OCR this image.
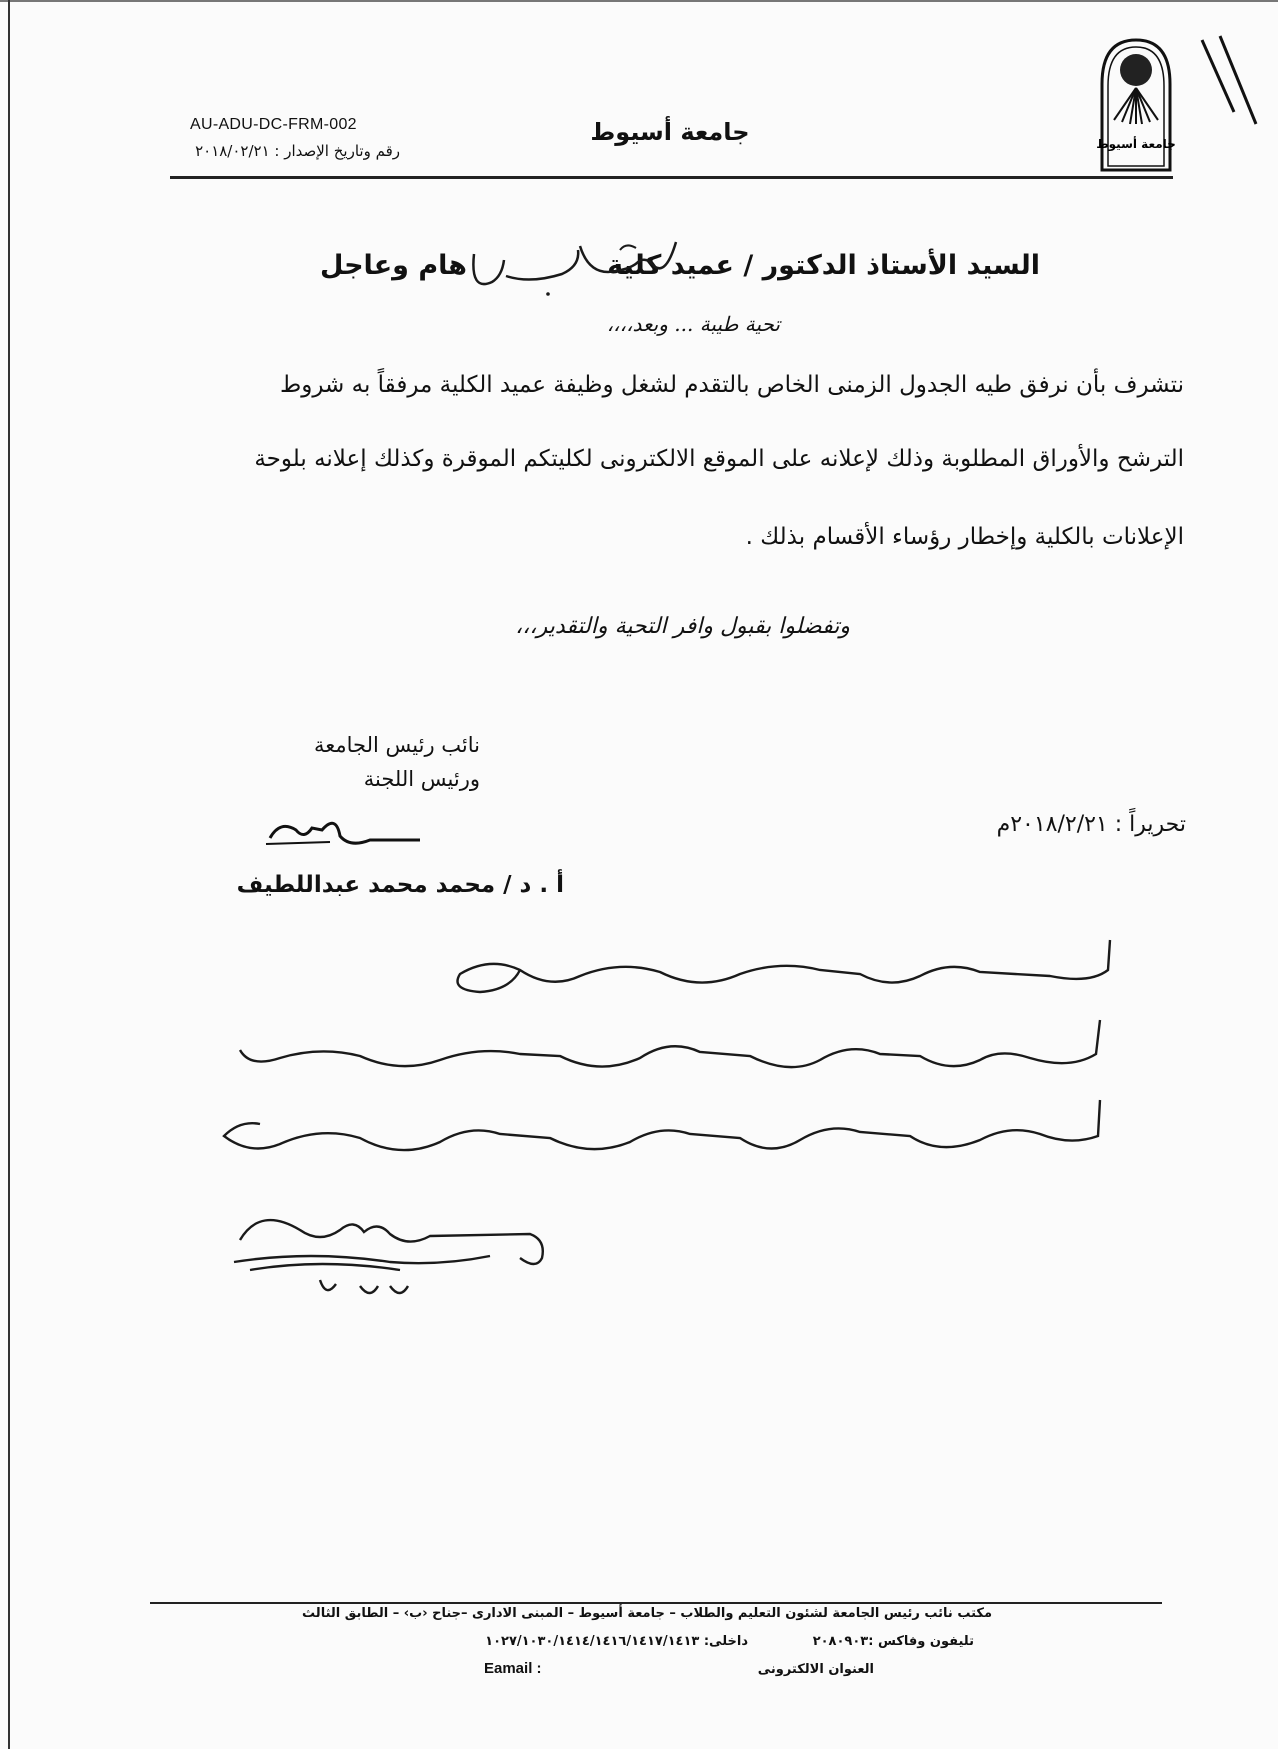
AU-ADU-DC-FRM-002
رقم وتاريخ الإصدار : ٢٠١٨/٠٢/٢١
جامعة أسيوط	جامعة أسيوط
السيد الأستاذ الدكتور / عميد كلية
هام وعاجل
تحية طيبة ... وبعد،،،،
نتشرف بأن نرفق طيه الجدول الزمنى الخاص بالتقدم لشغل وظيفة عميد الكلية مرفقاً به شروط
الترشح والأوراق المطلوبة وذلك لإعلانه على الموقع الالكترونى لكليتكم الموقرة وكذلك إعلانه بلوحة
الإعلانات بالكلية وإخطار رؤساء الأقسام بذلك .
وتفضلوا بقبول وافر التحية والتقدير،،،
نائب رئيس الجامعة
ورئيس اللجنة
تحريراً : ٢٠١٨/٢/٢١م
أ . د / محمد محمد عبداللطيف
مكتب نائب رئيس الجامعة لشئون التعليم والطلاب – جامعة أسيوط – المبنى الادارى –جناح ‹ب› – الطابق الثالث
تليفون وفاكس :٢٠٨٠٩٠٣
داخلى: ١٠٢٧/١٠٣٠/١٤١٤/١٤١٦/١٤١٧/١٤١٣
العنوان الالكترونى
Eamail :
